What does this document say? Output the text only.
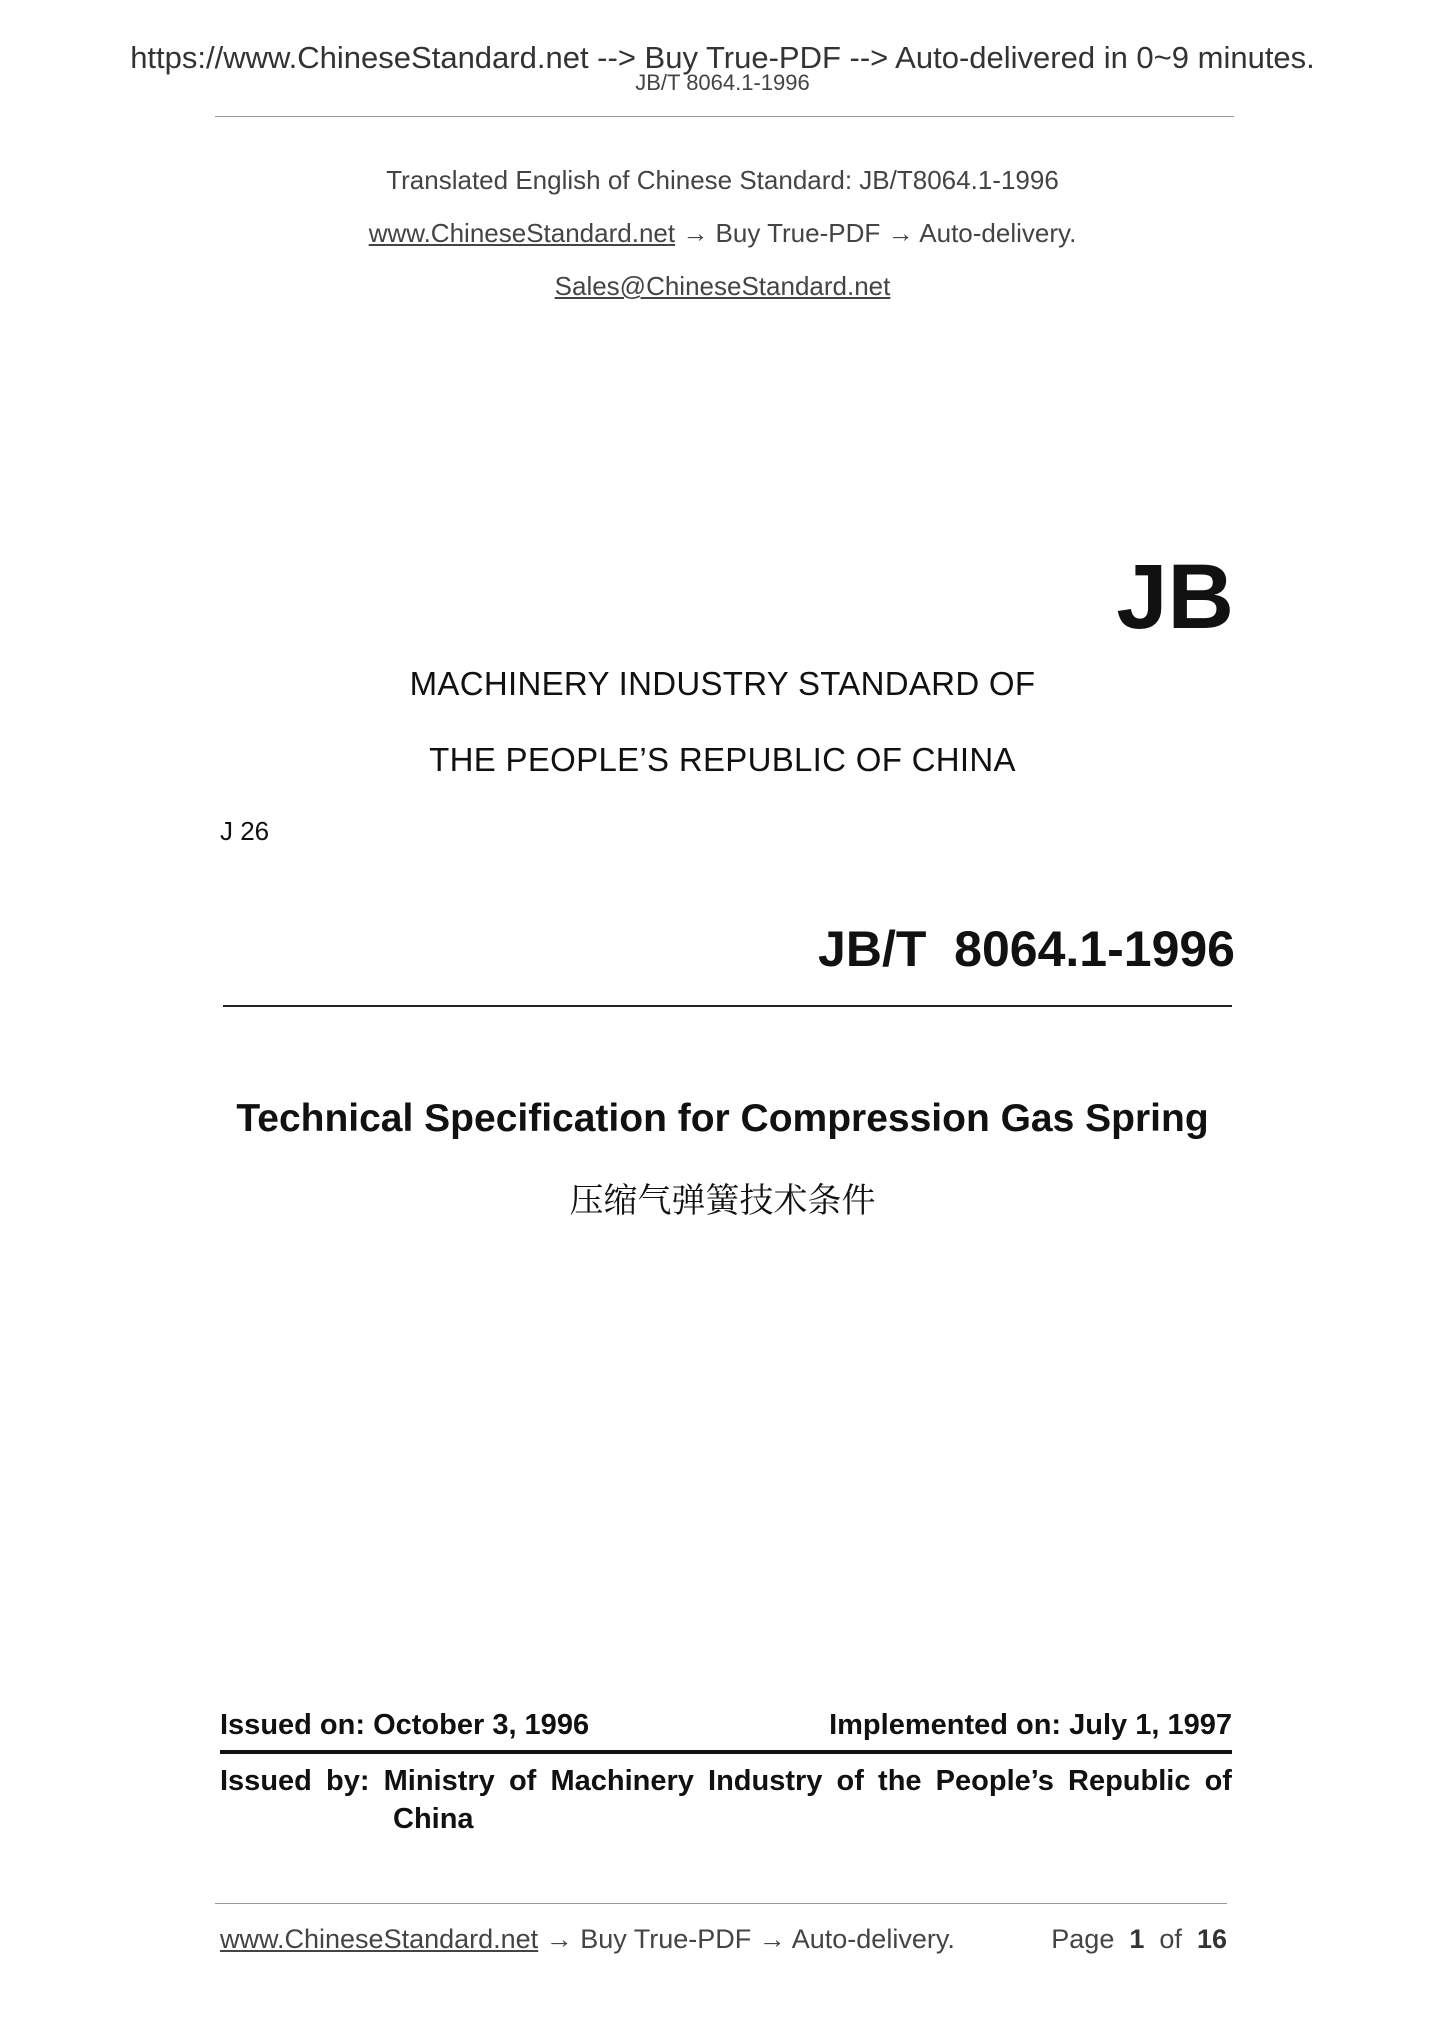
https://www.ChineseStandard.net --> Buy True-PDF --> Auto-delivered in 0~9 minutes.
JB/T 8064.1-1996
Translated English of Chinese Standard: JB/T8064.1-1996
www.ChineseStandard.net → Buy True-PDF → Auto-delivery.
Sales@ChineseStandard.net
JB
MACHINERY INDUSTRY STANDARD OF
THE PEOPLE’S REPUBLIC OF CHINA
J 26
JB/T  8064.1-1996
Technical Specification for Compression Gas Spring
压缩气弹簧技术条件
Issued on: October 3, 1996	Implemented on: July 1, 1997
Issued by: Ministry of Machinery Industry of the People’s Republic of
China
www.ChineseStandard.net → Buy True-PDF → Auto-delivery.	Page 1 of 16
